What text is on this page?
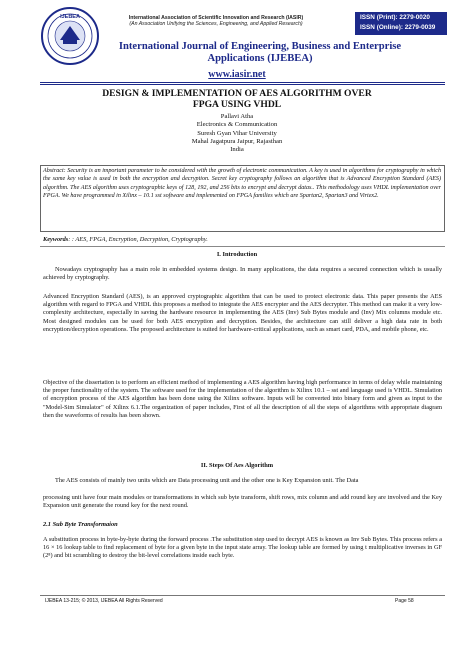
IJEBEA	International Association of Scientific Innovation and Research (IASIR)
(An Association Unifying the Sciences, Engineering, and Applied Research)
ISSN (Print): 2279-0020
ISSN (Online): 2279-0039
International Journal of Engineering, Business and Enterprise
Applications (IJEBEA)
www.iasir.net
DESIGN & IMPLEMENTATION OF AES ALGORITHM OVER
FPGA USING VHDL
Pallavi Atha
Electronics & Communication
Suresh Gyan Vihar University
Mahal Jagatpura Jaipur, Rajasthan
India
Abstract: Security is an important parameter to be considered with the growth of electronic communication. A key is used in algorithms for cryptography in which the same key value is used in both the encryption and decryption. Secret key cryptography follows an algorithm that is Advanced Encryption Standard (AES) algorithm. The AES algorithm uses cryptographic keys of 128, 192, and 256 bits to encrypt and decrypt datas.. This methodology uses VHDL implementation over FPGA. We have programmed in Xilinx – 10.1 sst software and implemented on FPGA families which are Spartan2, Spartan3 and Virtex2.
Keywords: : AES, FPGA, Encryption, Decryption, Cryptography.
I. Introduction
Nowadays cryptography has a main role in embedded systems design. In many applications, the data requires a secured connection which is usually achieved by cryptography.
Advanced Encryption Standard (AES), is an approved cryptographic algorithm that can be used to protect electronic data. This paper presents the AES algorithm with regard to FPGA and VHDL this proposes a method to integrate the AES encrypter and the AES decrypter. This method can make it a very low-complexity architecture, especially in saving the hardware resource in implementing the AES (Inv) Sub Bytes module and (Inv) Mix columns module etc. Most designed modules can be used for both AES encryption and decryption. Besides, the architecture can still deliver a high data rate in both encryption/decryption operations. The proposed architecture is suited for hardware-critical applications, such as smart card, PDA, and mobile phone, etc.
Objective of the dissertation is to perform an efficient method of implementing a AES algorithm having high performance in terms of delay while maintaining the proper functionality of the system. The software used for the implementation of the algorithm is Xilinx 10.1 – sst and language used is VHDL. Simulation of encryption process of the AES algorithm has been done using the Xilinx software. Inputs will be converted into binary form and given as input to the "Model-Sim Simulator" of Xilinx 6.1.The organization of paper includes, First of all the description of all the steps of algorithms with appropriate diagram then the waveforms of results has been shown.
II. Steps Of Aes Algorithm
The AES consists of mainly two units which are Data processing unit and the other one is Key Expansion unit. The Data
processing unit have four main modules or transformations in which sub byte transform, shift rows, mix column and add round key are involved and the Key Expansion unit generate the round key for the next round.
2.1 Sub Byte Transformaion
A substitution process in byte-by-byte during the forward process .The substitution step used to decrypt AES is known as Inv Sub Bytes. This process refers a 16 × 16 lookup table to find replacement of byte for a given byte in the input state array. The lookup table are formed by using t multiplicative inverses in GF (2⁸) and bit scrambling to destroy the bit-level correlations inside each byte.
IJEBEA 13-215; © 2013, IJEBEA All Rights Reserved	Page 58
